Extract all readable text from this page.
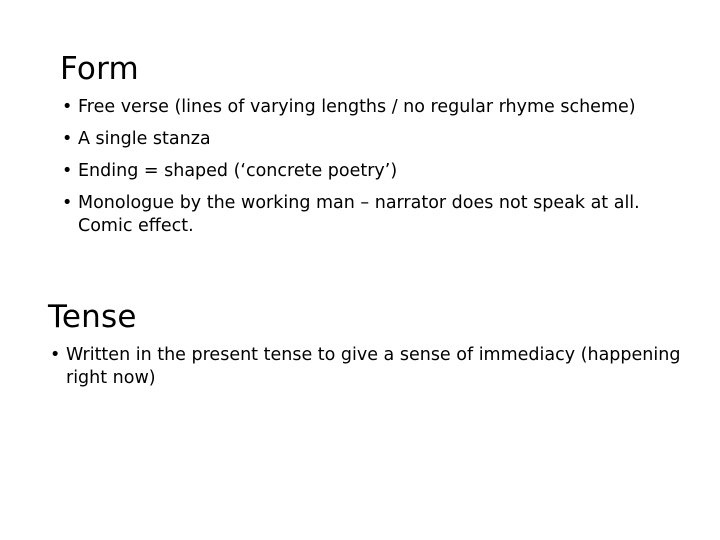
Form
• Free verse (lines of varying lengths / no regular rhyme scheme)
• A single stanza
• Ending = shaped (‘concrete poetry’)
• Monologue by the working man – narrator does not speak at all. Comic effect.
Tense
• Written in the present tense to give a sense of immediacy (happening right now)
